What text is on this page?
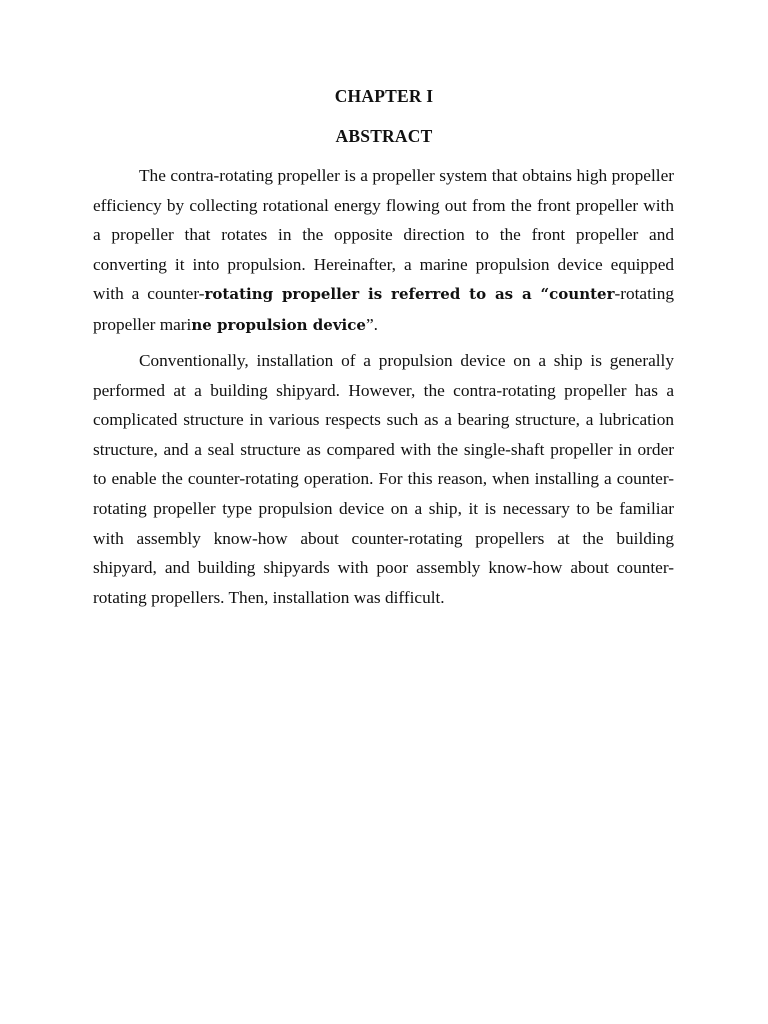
CHAPTER I
ABSTRACT

The contra-rotating propeller is a propeller system that obtains high propeller efficiency by collecting rotational energy flowing out from the front propeller with a propeller that rotates in the opposite direction to the front propeller and converting it into propulsion. Hereinafter, a marine propulsion device equipped with a counter-rotating propeller is referred to as a “counter-rotating propeller marine propulsion device”.

Conventionally, installation of a propulsion device on a ship is generally performed at a building shipyard. However, the contra-rotating propeller has a complicated structure in various respects such as a bearing structure, a lubrication structure, and a seal structure as compared with the single-shaft propeller in order to enable the counter-rotating operation. For this reason, when installing a counter-rotating propeller type propulsion device on a ship, it is necessary to be familiar with assembly know-how about counter-rotating propellers at the building shipyard, and building shipyards with poor assembly know-how about counter-rotating propellers. Then, installation was difficult.
